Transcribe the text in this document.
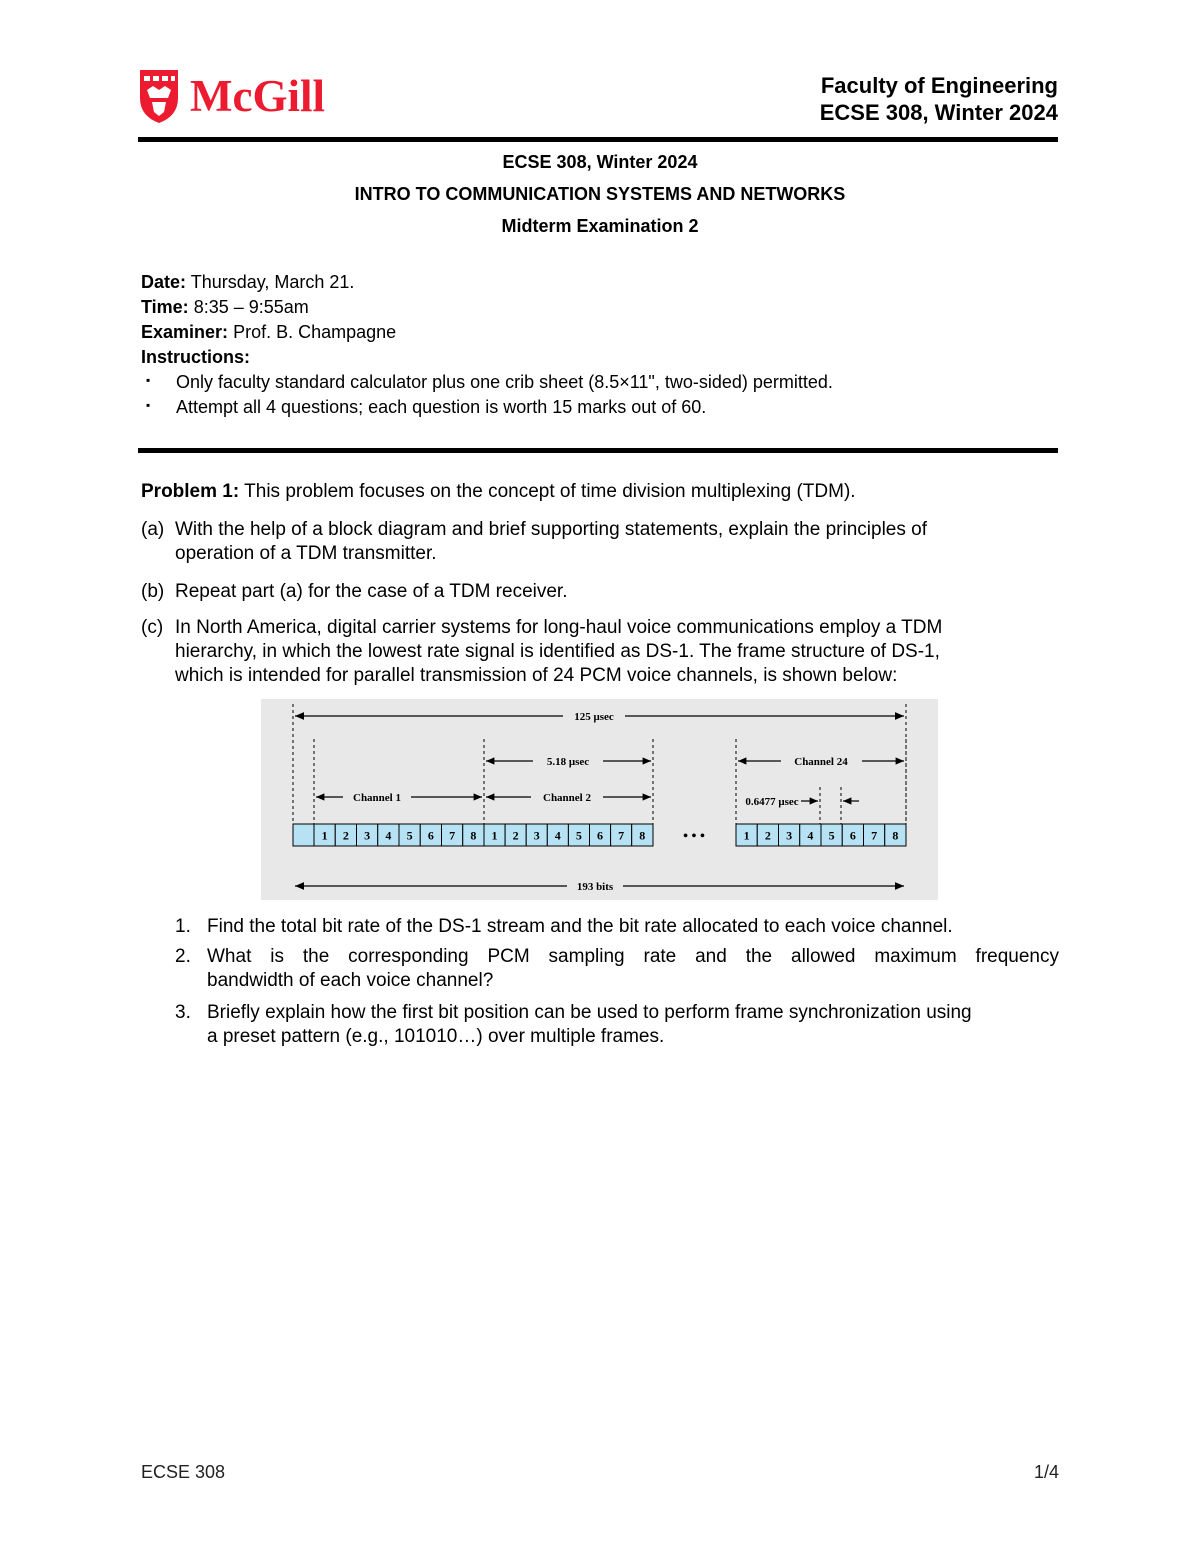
McGill	Faculty of Engineering
ECSE 308, Winter 2024
ECSE 308, Winter 2024
INTRO TO COMMUNICATION SYSTEMS AND NETWORKS
Midterm Examination 2
Date: Thursday, March 21.
Time: 8:35 – 9:55am
Examiner: Prof. B. Champagne
Instructions:
▪ Only faculty standard calculator plus one crib sheet (8.5×11", two-sided) permitted.
▪ Attempt all 4 questions; each question is worth 15 marks out of 60.
Problem 1: This problem focuses on the concept of time division multiplexing (TDM).
(a) With the help of a block diagram and brief supporting statements, explain the principles of
operation of a TDM transmitter.
(b) Repeat part (a) for the case of a TDM receiver.
(c) In North America, digital carrier systems for long-haul voice communications employ a TDM
hierarchy, in which the lowest rate signal is identified as DS-1. The frame structure of DS-1,
which is intended for parallel transmission of 24 PCM voice channels, is shown below:
125 μsec
5.18 μsec	Channel 24
Channel 1	Channel 2	0.6477 μsec
1 2 3 4 5 6 7 8 1 2 3 4 5 6 7 8	• • •	1 2 3 4 5 6 7 8
193 bits
1. Find the total bit rate of the DS-1 stream and the bit rate allocated to each voice channel.
2. What is the corresponding PCM sampling rate and the allowed maximum frequency
bandwidth of each voice channel?
3. Briefly explain how the first bit position can be used to perform frame synchronization using
a preset pattern (e.g., 101010…) over multiple frames.
ECSE 308	1/4
